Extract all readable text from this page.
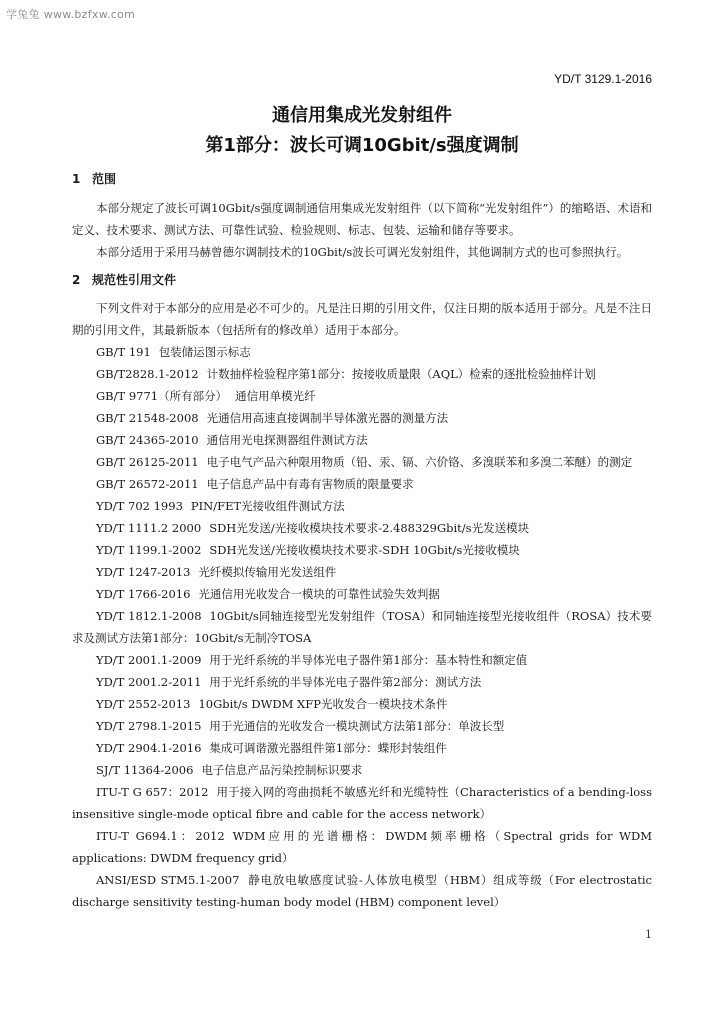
学兔兔 www.bzfxw.com
YD/T 3129.1-2016
通信用集成光发射组件
第1部分：波长可调10Gbit/s强度调制
1 范围

本部分规定了波长可调10Gbit/s强度调制通信用集成光发射组件（以下简称“光发射组件”）的缩略语、术语和定义、技术要求、测试方法、可靠性试验、检验规则、标志、包装、运输和储存等要求。

本部分适用于采用马赫曾德尔调制技术的10Gbit/s波长可调光发射组件，其他调制方式的也可参照执行。

2 规范性引用文件

下列文件对于本部分的应用是必不可少的。凡是注日期的引用文件，仅注日期的版本适用于部分。凡是不注日期的引用文件，其最新版本（包括所有的修改单）适用于本部分。

GB/T 191 包装储运图示标志
GB/T2828.1-2012 计数抽样检验程序第1部分：按接收质量限（AQL）检索的逐批检验抽样计划
GB/T 9771（所有部分） 通信用单模光纤
GB/T 21548-2008 光通信用高速直接调制半导体激光器的测量方法
GB/T 24365-2010 通信用光电探测器组件测试方法
GB/T 26125-2011 电子电气产品六种限用物质（铅、汞、镉、六价铬、多溴联苯和多溴二苯醚）的测定
GB/T 26572-2011 电子信息产品中有毒有害物质的限量要求
YD/T 702 1993 PIN/FET光接收组件测试方法
YD/T 1111.2 2000 SDH光发送/光接收模块技术要求-2.488329Gbit/s光发送模块
YD/T 1199.1-2002 SDH光发送/光接收模块技术要求-SDH 10Gbit/s光接收模块
YD/T 1247-2013 光纤模拟传输用光发送组件
YD/T 1766-2016 光通信用光收发合一模块的可靠性试验失效判据
YD/T 1812.1-2008 10Gbit/s同轴连接型光发射组件（TOSA）和同轴连接型光接收组件（ROSA）技术要求及测试方法第1部分：10Gbit/s无制冷TOSA
YD/T 2001.1-2009 用于光纤系统的半导体光电子器件第1部分：基本特性和额定值
YD/T 2001.2-2011 用于光纤系统的半导体光电子器件第2部分：测试方法
YD/T 2552-2013 10Gbit/s DWDM XFP光收发合一模块技术条件
YD/T 2798.1-2015 用于光通信的光收发合一模块测试方法第1部分：单波长型
YD/T 2904.1-2016 集成可调谐激光器组件第1部分：蝶形封装组件
SJ/T 11364-2006 电子信息产品污染控制标识要求
ITU-T G 657：2012 用于接入网的弯曲损耗不敏感光纤和光缆特性（Characteristics of a bending-loss insensitive single-mode optical fibre and cable for the access network）
ITU-T G694.1：2012 WDM应用的光谱栅格：DWDM频率栅格（Spectral grids for WDM applications: DWDM frequency grid）
ANSI/ESD STM5.1-2007 静电放电敏感度试验-人体放电模型（HBM）组成等级（For electrostatic discharge sensitivity testing-human body model (HBM) component level）
1
